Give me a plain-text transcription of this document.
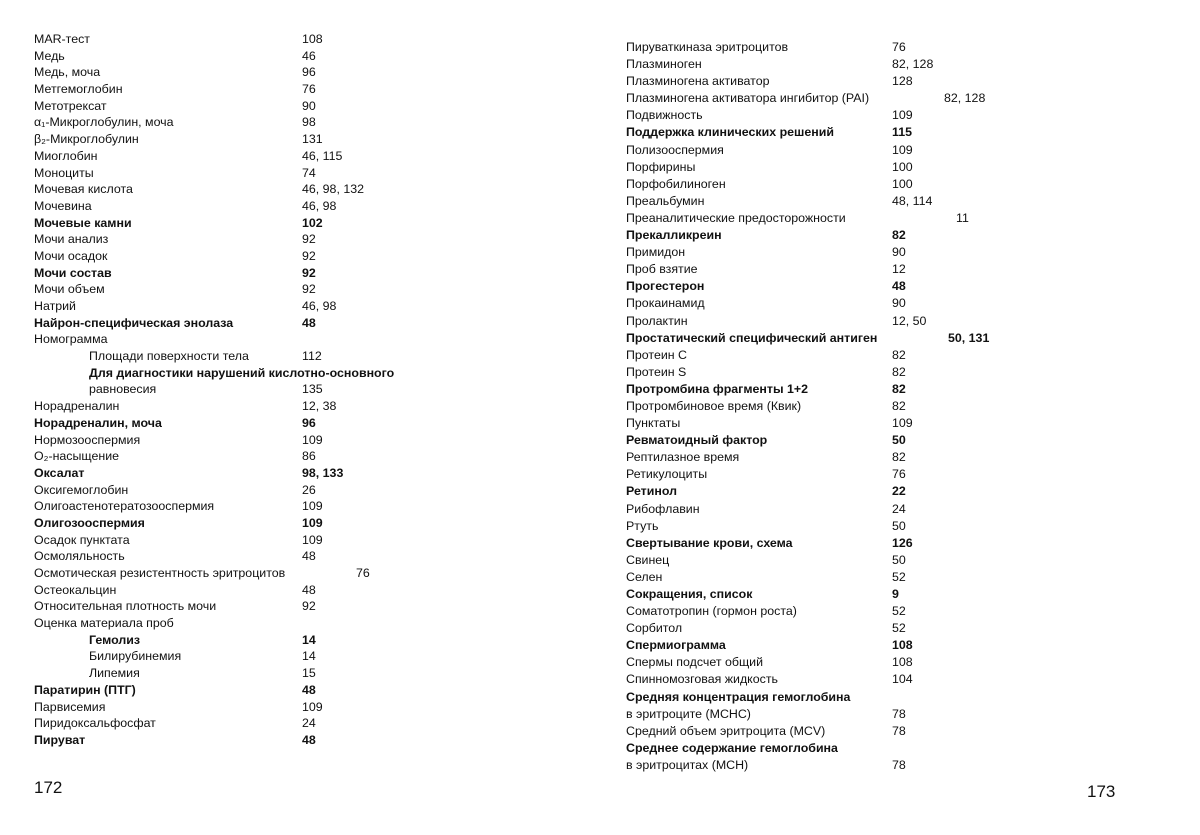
MAR-тест	108
Медь	46
Медь, моча	96
Метгемоглобин	76
Метотрексат	90
α₁-Микроглобулин, моча	98
β₂-Микроглобулин	131
Миоглобин	46, 115
Моноциты	74
Мочевая кислота	46, 98, 132
Мочевина	46, 98
Мочевые камни	102
Мочи анализ	92
Мочи осадок	92
Мочи состав	92
Мочи объем	92
Натрий	46, 98
Найрон-специфическая энолаза	48
Номограмма
Площади поверхности тела	112
Для диагностики нарушений кислотно-основного
равновесия	135
Норадреналин	12, 38
Норадреналин, моча	96
Нормозооспермия	109
O₂-насыщение	86
Оксалат	98, 133
Оксигемоглобин	26
Олигоастенотератозооспермия	109
Олигозооспермия	109
Осадок пунктата	109
Осмоляльность	48
Осмотическая резистентность эритроцитов	76
Остеокальцин	48
Относительная плотность мочи	92
Оценка материала проб
Гемолиз	14
Билирубинемия	14
Липемия	15
Паратирин (ПТГ)	48
Парвисемия	109
Пиридоксальфосфат	24
Пируват	48
Пируваткиназа эритроцитов	76
Плазминоген	82, 128
Плазминогена активатор	128
Плазминогена активатора ингибитор (PAI)	82, 128
Подвижность	109
Поддержка клинических решений	115
Полизооспермия	109
Порфирины	100
Порфобилиноген	100
Преальбумин	48, 114
Преаналитические предосторожности	11
Прекалликреин	82
Примидон	90
Проб взятие	12
Прогестерон	48
Прокаинамид	90
Пролактин	12, 50
Простатический специфический антиген	50, 131
Протеин C	82
Протеин S	82
Протромбина фрагменты 1+2	82
Протромбиновое время (Квик)	82
Пунктаты	109
Ревматоидный фактор	50
Рептилазное время	82
Ретикулоциты	76
Ретинол	22
Рибофлавин	24
Ртуть	50
Свертывание крови, схема	126
Свинец	50
Селен	52
Сокращения, список	9
Соматотропин (гормон роста)	52
Сорбитол	52
Спермиограмма	108
Спермы подсчет общий	108
Спинномозговая жидкость	104
Средняя концентрация гемоглобина
в эритроците (MCHC)	78
Средний объем эритроцита (MCV)	78
Среднее содержание гемоглобина
в эритроцитах (MCH)	78
172	173
